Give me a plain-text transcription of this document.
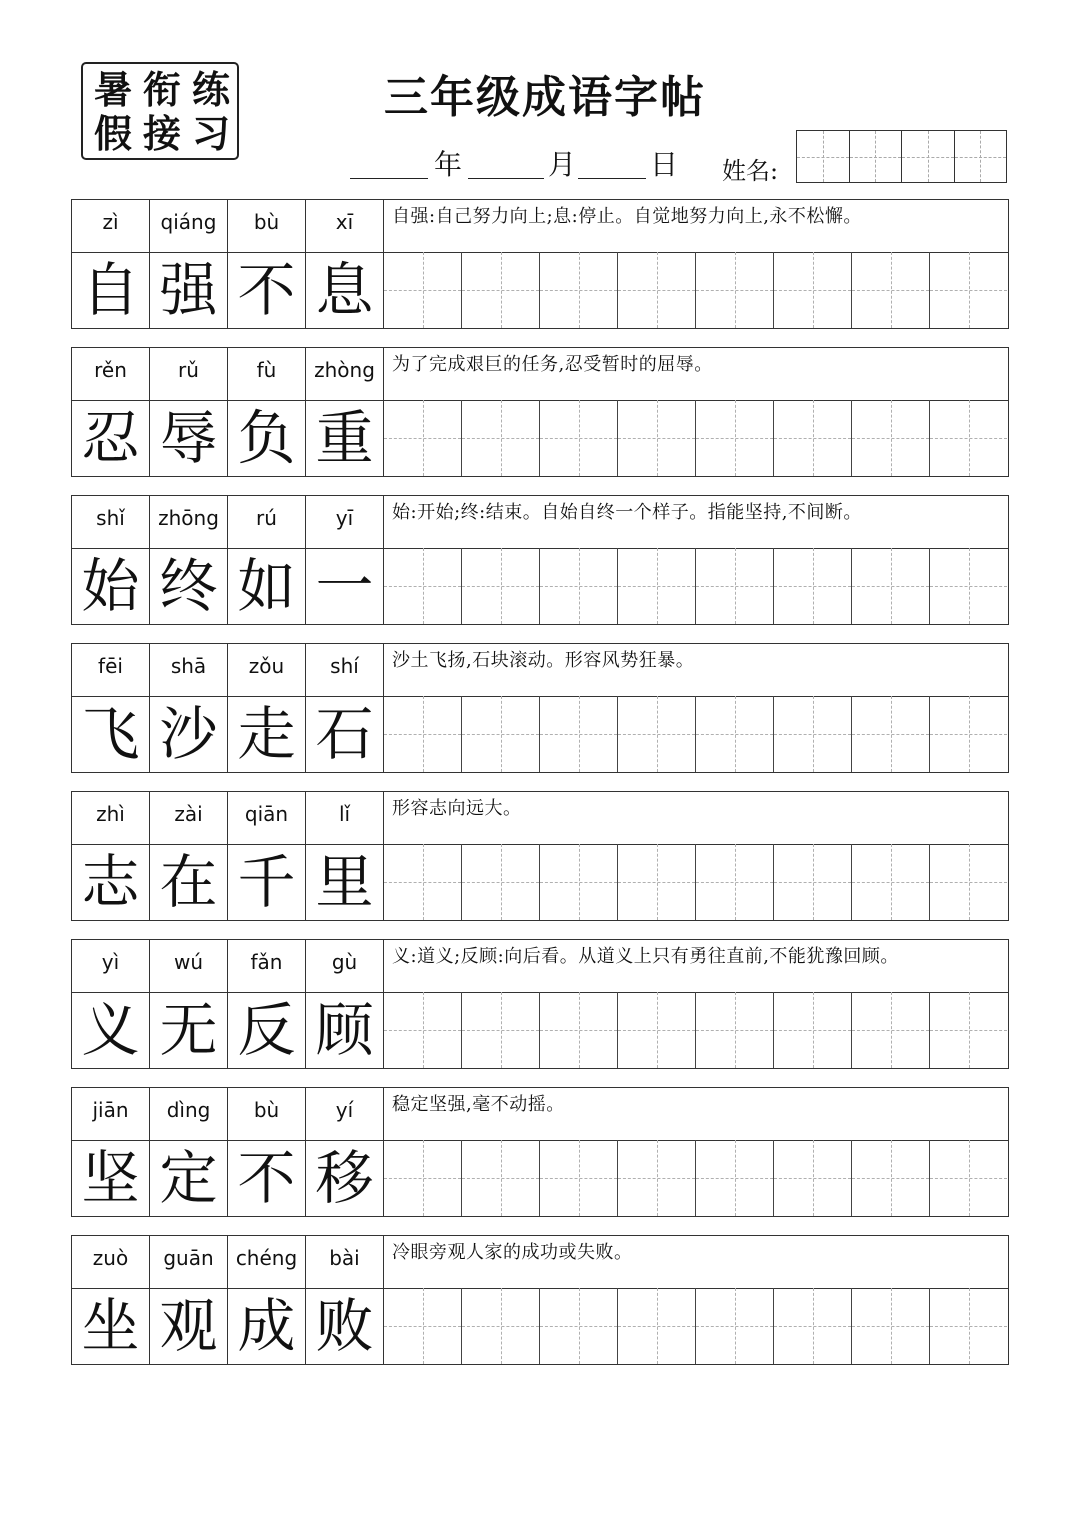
暑 衔 练
假 接 习
三年级成语字帖
年	月	日 姓名:
zì	qiáng	bù	xī	自强:自己努力向上;息:停止。自觉地努力向上,永不松懈。
自 强 不 息
rěn	rǔ	fù	zhòng 为了完成艰巨的任务,忍受暂时的屈辱。
忍 辱 负 重
shǐ	zhōng	rú	yī	始:开始;终:结束。自始自终一个样子。指能坚持,不间断。
始 终 如 一
fēi	shā	zǒu	shí	沙土飞扬,石块滚动。形容风势狂暴。
飞 沙 走 石
zhì	zài	qiān	lǐ	形容志向远大。
志 在 千 里
yì	wú	fǎn	gù	义:道义;反顾:向后看。从道义上只有勇往直前,不能犹豫回顾。
义 无 反 顾
jiān	dìng	bù	yí	稳定坚强,毫不动摇。
坚 定 不 移
zuò	guān	chéng	bài	冷眼旁观人家的成功或失败。
坐 观 成 败
